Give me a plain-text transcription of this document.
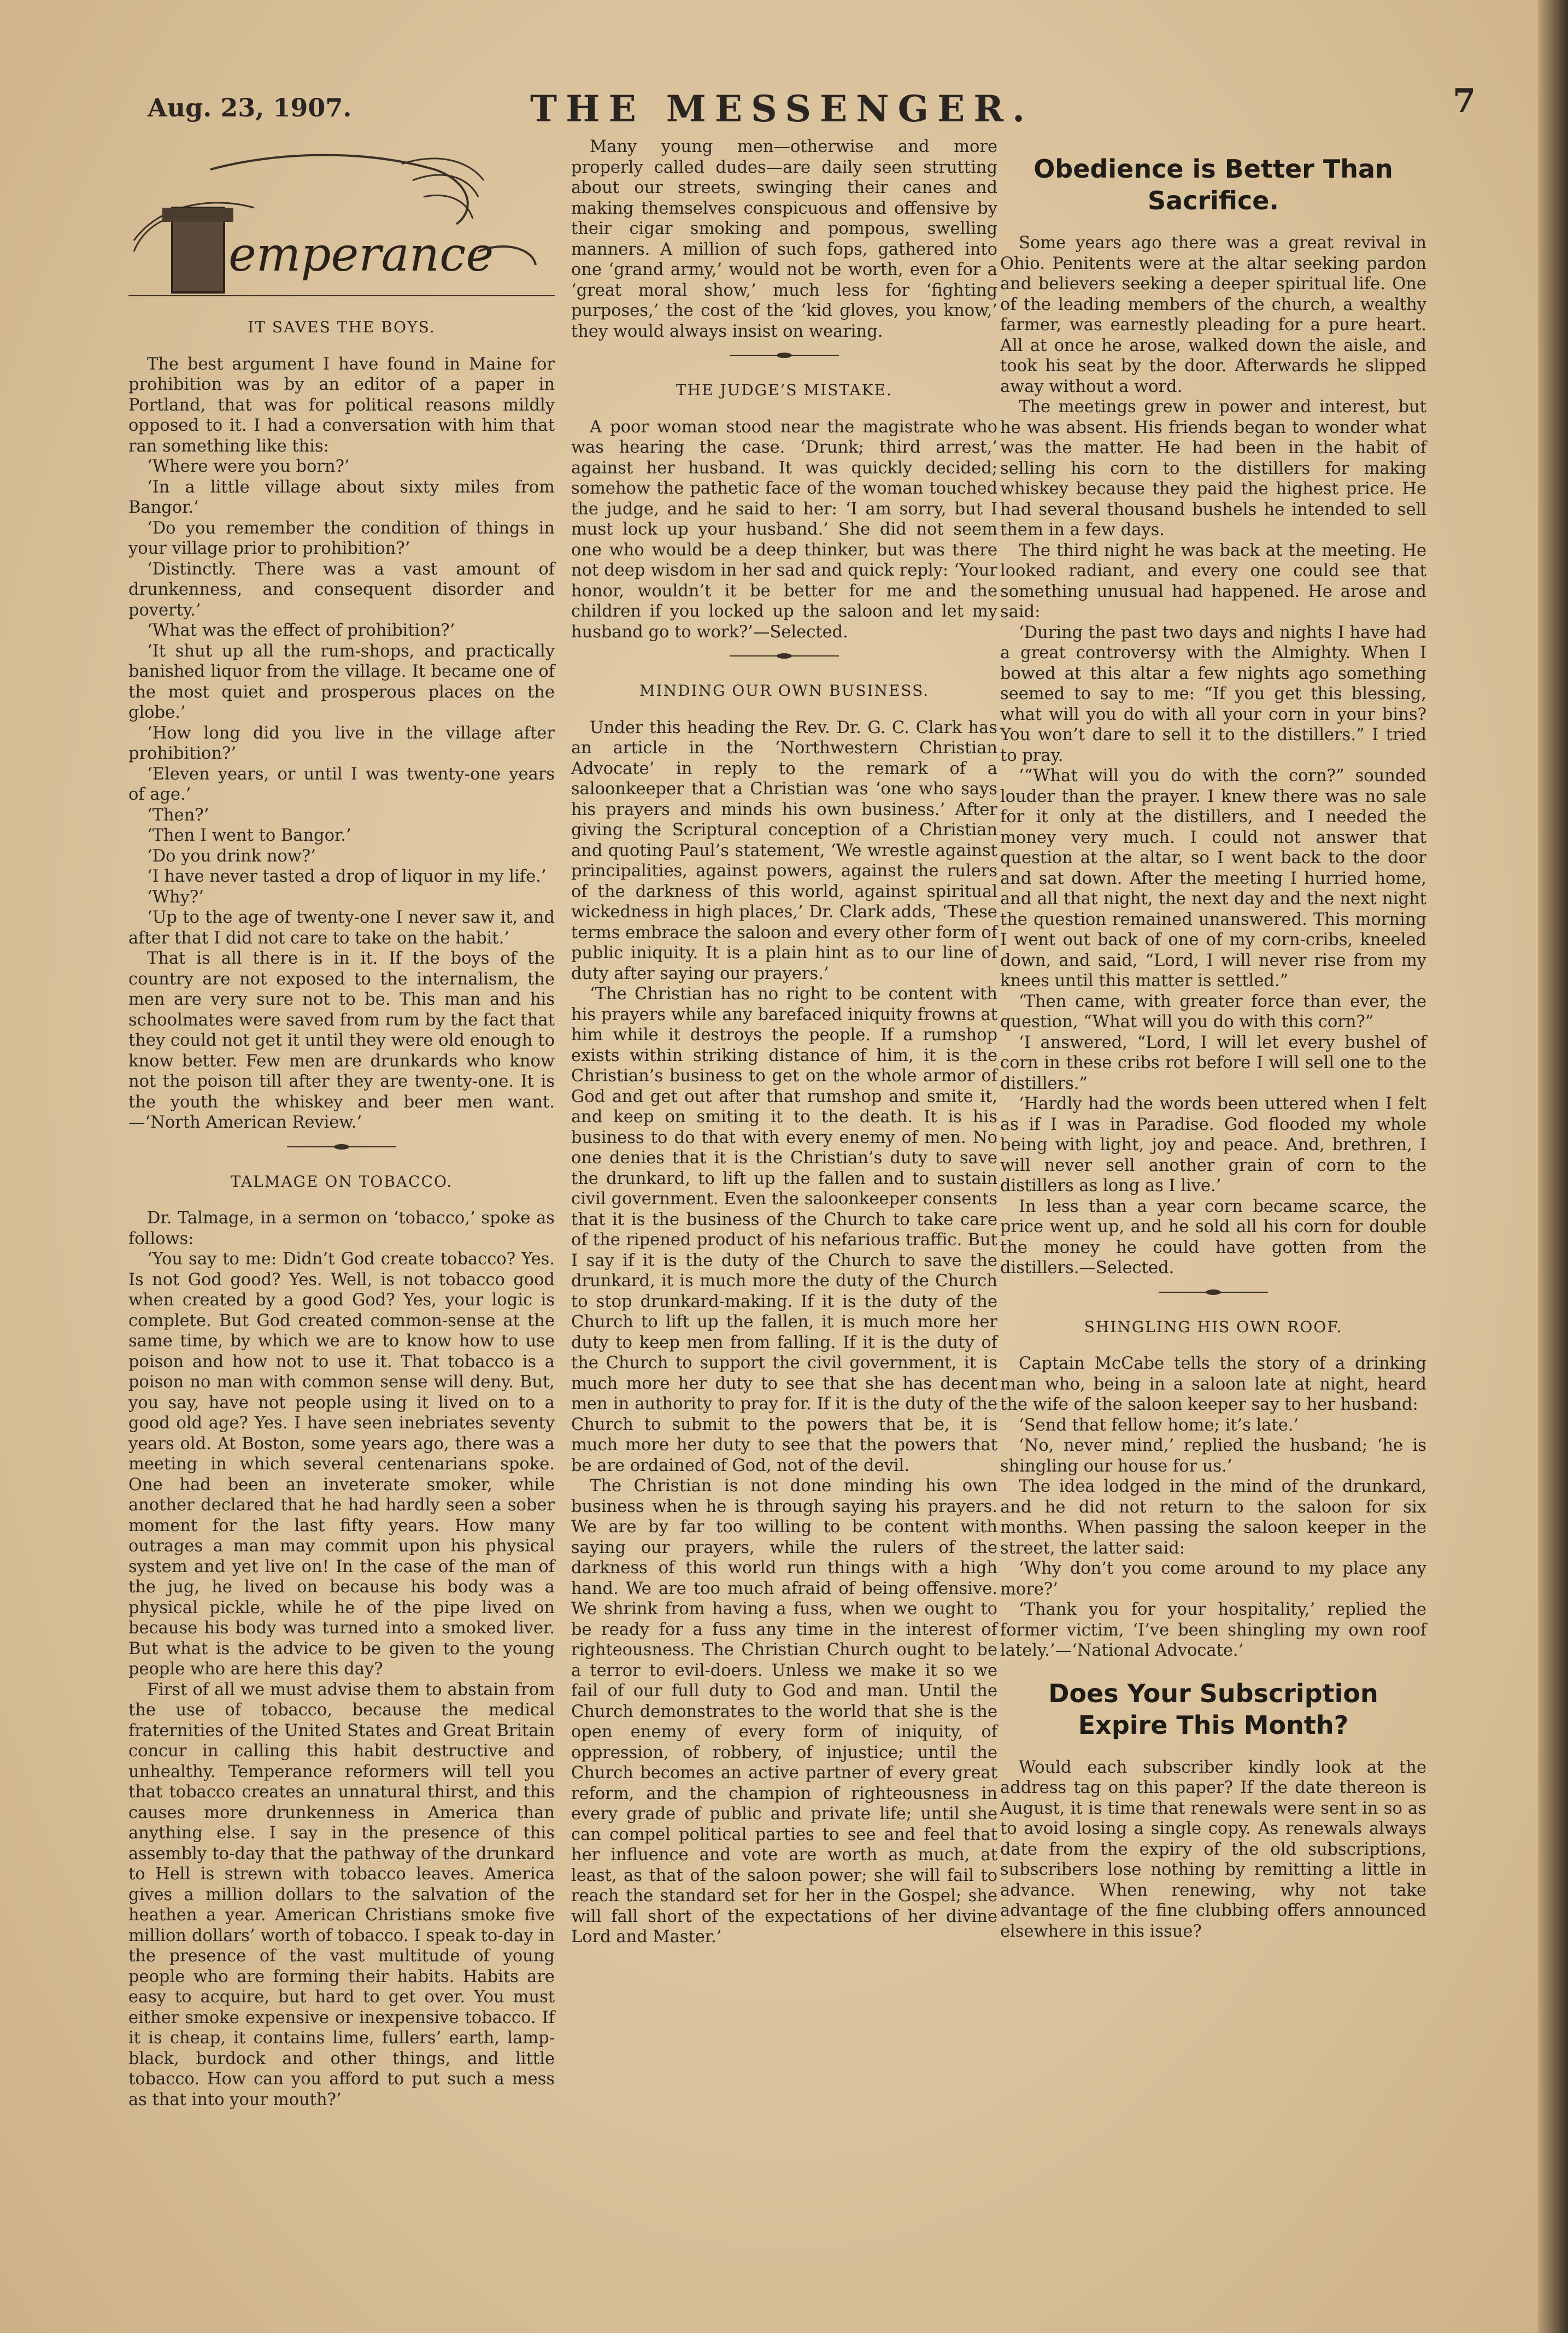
Aug. 23, 1907.	THE MESSENGER.	7
emperance
IT SAVES THE BOYS.

The best argument I have found in Maine for prohibition was by an editor of a paper in Portland, that was for political reasons mildly opposed to it. I had a conversation with him that ran something like this:

‘Where were you born?’

‘In a little village about sixty miles from Bangor.’

‘Do you remember the condition of things in your village prior to prohibition?’

‘Distinctly. There was a vast amount of drunkenness, and consequent disorder and poverty.’

‘What was the effect of prohibition?’

‘It shut up all the rum-shops, and practically banished liquor from the village. It became one of the most quiet and prosperous places on the globe.’

‘How long did you live in the village after prohibition?’

‘Eleven years, or until I was twenty-one years of age.’

‘Then?’

‘Then I went to Bangor.’

‘Do you drink now?’

‘I have never tasted a drop of liquor in my life.’

‘Why?’

‘Up to the age of twenty-one I never saw it, and after that I did not care to take on the habit.’

That is all there is in it. If the boys of the country are not exposed to the internalism, the men are very sure not to be. This man and his schoolmates were saved from rum by the fact that they could not get it until they were old enough to know better. Few men are drunkards who know not the poison till after they are twenty-one. It is the youth the whiskey and beer men want.—‘North American Review.’

TALMAGE ON TOBACCO.

Dr. Talmage, in a sermon on ‘tobacco,’ spoke as follows:

‘You say to me: Didn’t God create tobacco? Yes. Is not God good? Yes. Well, is not tobacco good when created by a good God? Yes, your logic is complete. But God created common-sense at the same time, by which we are to know how to use poison and how not to use it. That tobacco is a poison no man with common sense will deny. But, you say, have not people using it lived on to a good old age? Yes. I have seen inebriates seventy years old. At Boston, some years ago, there was a meeting in which several centenarians spoke. One had been an inveterate smoker, while another declared that he had hardly seen a sober moment for the last fifty years. How many outrages a man may commit upon his physical system and yet live on! In the case of the man of the jug, he lived on because his body was a physical pickle, while he of the pipe lived on because his body was turned into a smoked liver. But what is the advice to be given to the young people who are here this day?

First of all we must advise them to abstain from the use of tobacco, because the medical fraternities of the United States and Great Britain concur in calling this habit destructive and unhealthy. Temperance reformers will tell you that tobacco creates an unnatural thirst, and this causes more drunkenness in America than anything else. I say in the presence of this assembly to-day that the pathway of the drunkard to Hell is strewn with tobacco leaves. America gives a million dollars to the salvation of the heathen a year. American Christians smoke five million dollars’ worth of tobacco. I speak to-day in the presence of the vast multitude of young people who are forming their habits. Habits are easy to acquire, but hard to get over. You must either smoke expensive or inexpensive tobacco. If it is cheap, it contains lime, fullers’ earth, lamp-black, burdock and other things, and little tobacco. How can you afford to put such a mess as that into your mouth?’

Many young men—otherwise and more properly called dudes—are daily seen strutting about our streets, swinging their canes and making themselves conspicuous and offensive by their cigar smoking and pompous, swelling manners. A million of such fops, gathered into one ‘grand army,’ would not be worth, even for a ‘great moral show,’ much less for ‘fighting purposes,’ the cost of the ‘kid gloves, you know,’ they would always insist on wearing.

THE JUDGE’S MISTAKE.

A poor woman stood near the magistrate who was hearing the case. ‘Drunk; third arrest,’ against her husband. It was quickly decided; somehow the pathetic face of the woman touched the judge, and he said to her: ‘I am sorry, but I must lock up your husband.’ She did not seem one who would be a deep thinker, but was there not deep wisdom in her sad and quick reply: ‘Your honor, wouldn’t it be better for me and the children if you locked up the saloon and let my husband go to work?’—Selected.

MINDING OUR OWN BUSINESS.

Under this heading the Rev. Dr. G. C. Clark has an article in the ‘Northwestern Christian Advocate’ in reply to the remark of a saloonkeeper that a Christian was ‘one who says his prayers and minds his own business.’ After giving the Scriptural conception of a Christian and quoting Paul’s statement, ‘We wrestle against principalities, against powers, against the rulers of the darkness of this world, against spiritual wickedness in high places,’ Dr. Clark adds, ‘These terms embrace the saloon and every other form of public iniquity. It is a plain hint as to our line of duty after saying our prayers.’

‘The Christian has no right to be content with his prayers while any barefaced iniquity frowns at him while it destroys the people. If a rumshop exists within striking distance of him, it is the Christian’s business to get on the whole armor of God and get out after that rumshop and smite it, and keep on smiting it to the death. It is his business to do that with every enemy of men. No one denies that it is the Christian’s duty to save the drunkard, to lift up the fallen and to sustain civil government. Even the saloonkeeper consents that it is the business of the Church to take care of the ripened product of his nefarious traffic. But I say if it is the duty of the Church to save the drunkard, it is much more the duty of the Church to stop drunkard-making. If it is the duty of the Church to lift up the fallen, it is much more her duty to keep men from falling. If it is the duty of the Church to support the civil government, it is much more her duty to see that she has decent men in authority to pray for. If it is the duty of the Church to submit to the powers that be, it is much more her duty to see that the powers that be are ordained of God, not of the devil.

The Christian is not done minding his own business when he is through saying his prayers. We are by far too willing to be content with saying our prayers, while the rulers of the darkness of this world run things with a high hand. We are too much afraid of being offensive. We shrink from having a fuss, when we ought to be ready for a fuss any time in the interest of righteousness. The Christian Church ought to be a terror to evil-doers. Unless we make it so we fail of our full duty to God and man. Until the Church demonstrates to the world that she is the open enemy of every form of iniquity, of oppression, of robbery, of injustice; until the Church becomes an active partner of every great reform, and the champion of righteousness in every grade of public and private life; until she can compel political parties to see and feel that her influence and vote are worth as much, at least, as that of the saloon power; she will fail to reach the standard set for her in the Gospel; she will fall short of the expectations of her divine Lord and Master.’

Obedience is Better Than Sacrifice.

Some years ago there was a great revival in Ohio. Penitents were at the altar seeking pardon and believers seeking a deeper spiritual life. One of the leading members of the church, a wealthy farmer, was earnestly pleading for a pure heart. All at once he arose, walked down the aisle, and took his seat by the door. Afterwards he slipped away without a word.

The meetings grew in power and interest, but he was absent. His friends began to wonder what was the matter. He had been in the habit of selling his corn to the distillers for making whiskey because they paid the highest price. He had several thousand bushels he intended to sell them in a few days.

The third night he was back at the meeting. He looked radiant, and every one could see that something unusual had happened. He arose and said:

‘During the past two days and nights I have had a great controversy with the Almighty. When I bowed at this altar a few nights ago something seemed to say to me: “If you get this blessing, what will you do with all your corn in your bins? You won’t dare to sell it to the distillers.” I tried to pray.

‘“What will you do with the corn?” sounded louder than the prayer. I knew there was no sale for it only at the distillers, and I needed the money very much. I could not answer that question at the altar, so I went back to the door and sat down. After the meeting I hurried home, and all that night, the next day and the next night the question remained unanswered. This morning I went out back of one of my corn-cribs, kneeled down, and said, “Lord, I will never rise from my knees until this matter is settled.”

‘Then came, with greater force than ever, the question, “What will you do with this corn?”

‘I answered, “Lord, I will let every bushel of corn in these cribs rot before I will sell one to the distillers.”

‘Hardly had the words been uttered when I felt as if I was in Paradise. God flooded my whole being with light, joy and peace. And, brethren, I will never sell another grain of corn to the distillers as long as I live.’

In less than a year corn became scarce, the price went up, and he sold all his corn for double the money he could have gotten from the distillers.—Selected.

SHINGLING HIS OWN ROOF.

Captain McCabe tells the story of a drinking man who, being in a saloon late at night, heard the wife of the saloon keeper say to her husband:

‘Send that fellow home; it’s late.’

‘No, never mind,’ replied the husband; ‘he is shingling our house for us.’

The idea lodged in the mind of the drunkard, and he did not return to the saloon for six months. When passing the saloon keeper in the street, the latter said:

‘Why don’t you come around to my place any more?’

‘Thank you for your hospitality,’ replied the former victim, ‘I’ve been shingling my own roof lately.’—‘National Advocate.’

Does Your Subscription Expire This Month?

Would each subscriber kindly look at the address tag on this paper? If the date thereon is August, it is time that renewals were sent in so as to avoid losing a single copy. As renewals always date from the expiry of the old subscriptions, subscribers lose nothing by remitting a little in advance. When renewing, why not take advantage of the fine clubbing offers announced elsewhere in this issue?
